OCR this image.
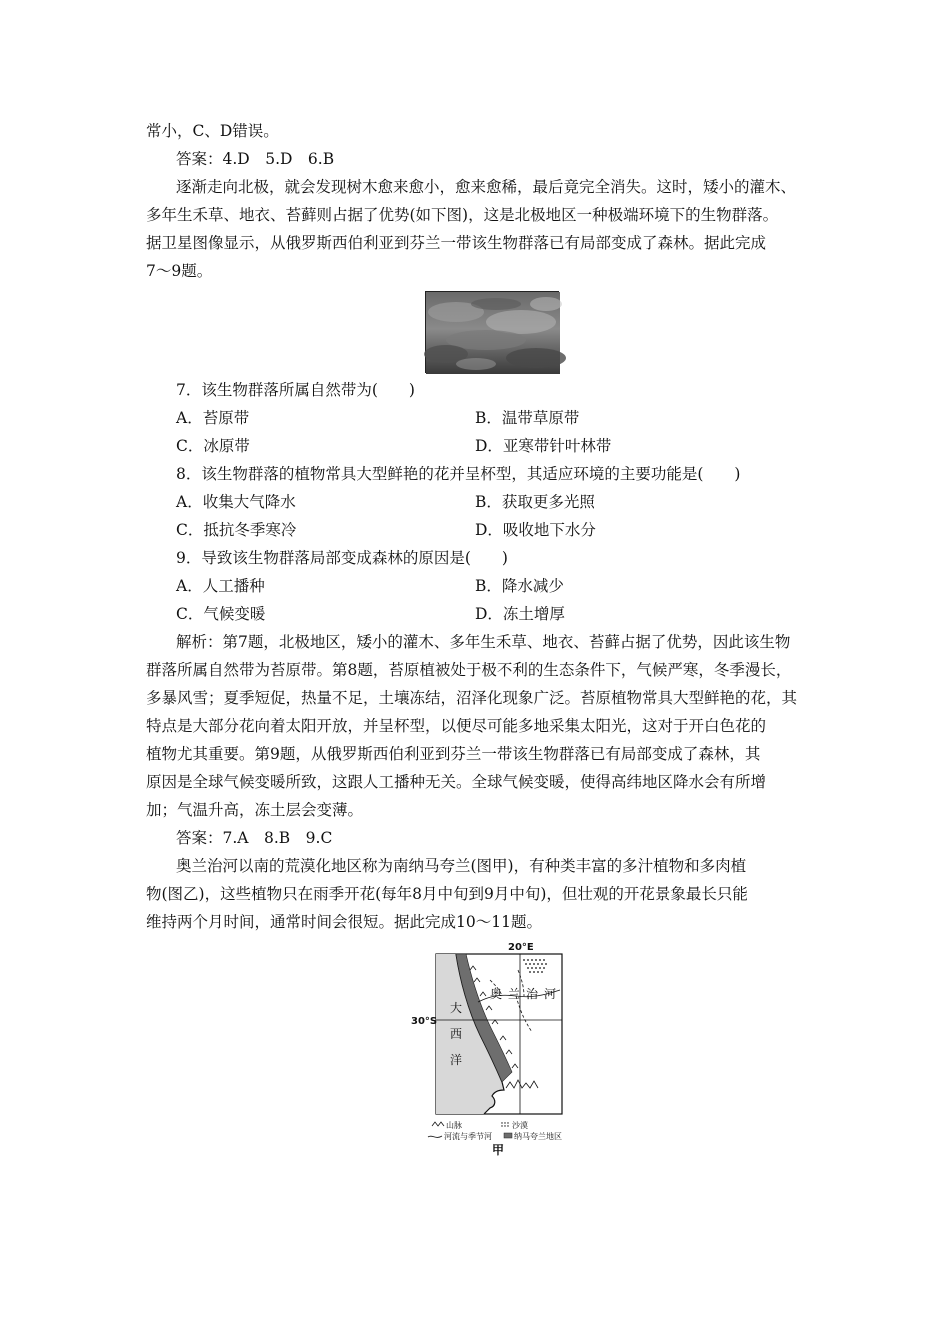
常小，C、D错误。
答案：4.D　5.D　6.B
逐渐走向北极，就会发现树木愈来愈小，愈来愈稀，最后竟完全消失。这时，矮小的灌木、
多年生禾草、地衣、苔藓则占据了优势(如下图)，这是北极地区一种极端环境下的生物群落。
据卫星图像显示，从俄罗斯西伯利亚到芬兰一带该生物群落已有局部变成了森林。据此完成
7～9题。
7．该生物群落所属自然带为(　　)
A．苔原带	B．温带草原带
C．冰原带	D．亚寒带针叶林带
8．该生物群落的植物常具大型鲜艳的花并呈杯型，其适应环境的主要功能是(　　)
A．收集大气降水	B．获取更多光照
C．抵抗冬季寒冷	D．吸收地下水分
9．导致该生物群落局部变成森林的原因是(　　)
A．人工播种	B．降水减少
C．气候变暖	D．冻土增厚
解析：第7题，北极地区，矮小的灌木、多年生禾草、地衣、苔藓占据了优势，因此该生物
群落所属自然带为苔原带。第8题，苔原植被处于极不利的生态条件下，气候严寒，冬季漫长，
多暴风雪；夏季短促，热量不足，土壤冻结，沼泽化现象广泛。苔原植物常具大型鲜艳的花，其
特点是大部分花向着太阳开放，并呈杯型，以便尽可能多地采集太阳光，这对于开白色花的
植物尤其重要。第9题，从俄罗斯西伯利亚到芬兰一带该生物群落已有局部变成了森林，其
原因是全球气候变暖所致，这跟人工播种无关。全球气候变暖，使得高纬地区降水会有所增
加；气温升高，冻土层会变薄。
答案：7.A　8.B　9.C
奥兰治河以南的荒漠化地区称为南纳马夸兰(图甲)，有种类丰富的多汁植物和多肉植
物(图乙)，这些植物只在雨季开花(每年8月中旬到9月中旬)，但壮观的开花景象最长只能
维持两个月时间，通常时间会很短。据此完成10～11题。
20°E
30°S
大
西
洋
奥 兰 治 河
山脉	沙漠
河流与季节河	纳马夸兰地区
甲
